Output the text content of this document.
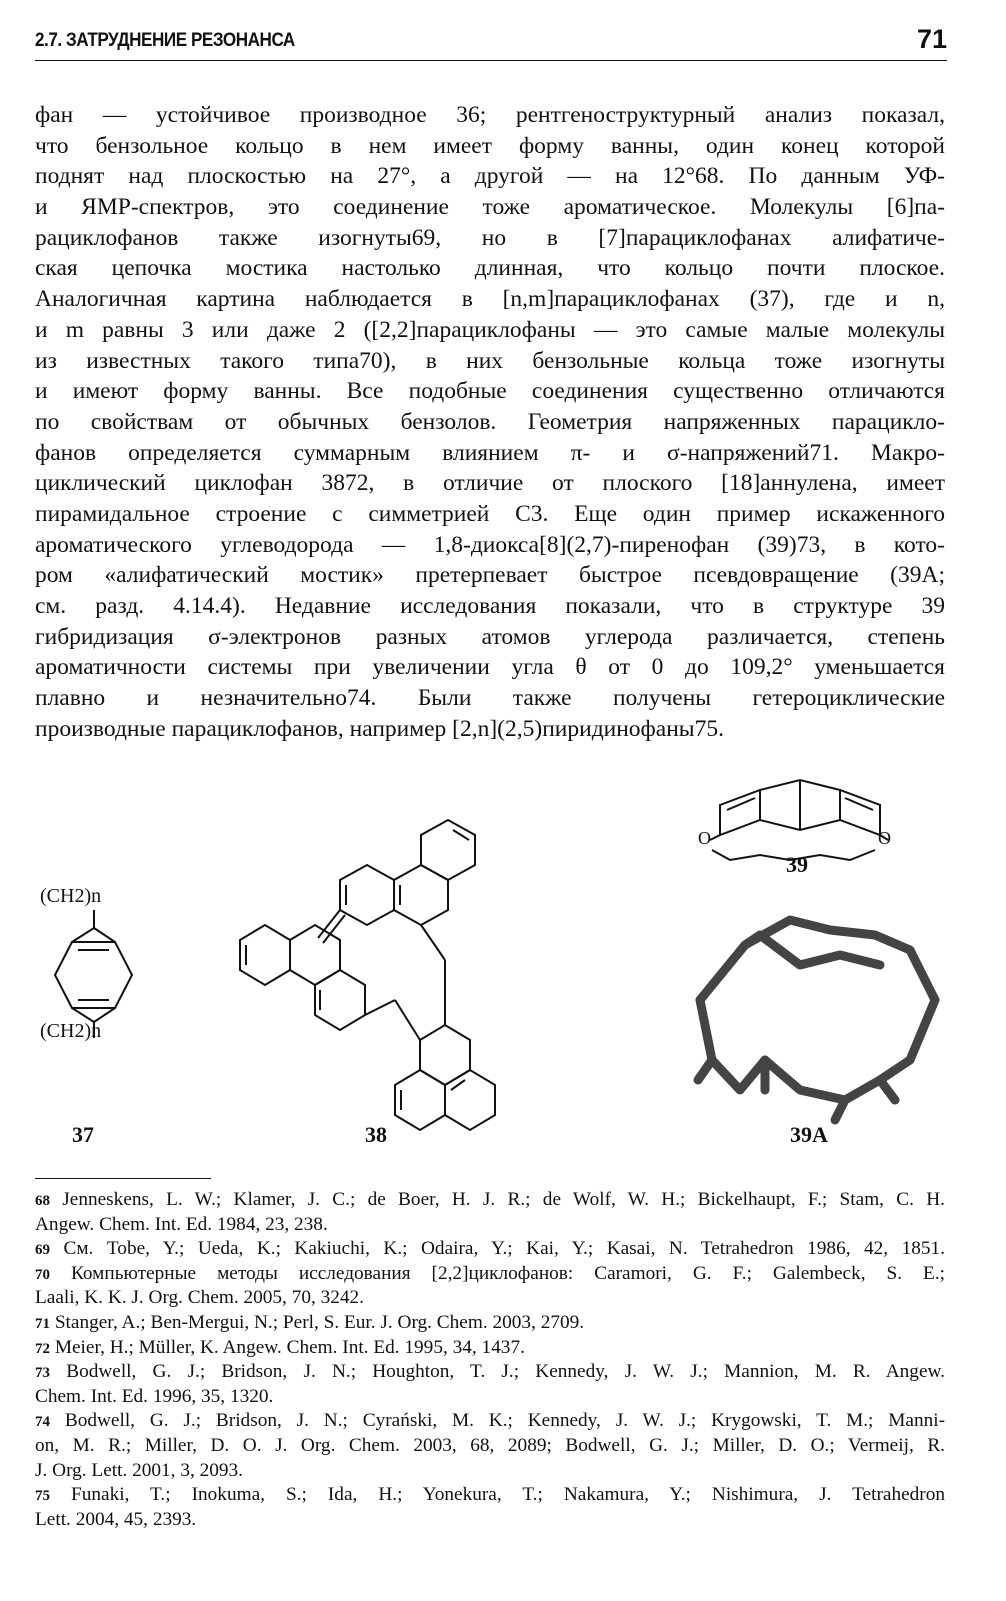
2.7. ЗАТРУДНЕНИЕ РЕЗОНАНСА	71
фан — устойчивое производное 36; рентгеноструктурный анализ показал,
что бензольное кольцо в нем имеет форму ванны, один конец которой
поднят над плоскостью на 27°, а другой — на 12°68. По данным УФ-
и ЯМР-спектров, это соединение тоже ароматическое. Молекулы [6]па-
рациклофанов также изогнуты69, но в [7]парациклофанах алифатиче-
ская цепочка мостика настолько длинная, что кольцо почти плоское.
Аналогичная картина наблюдается в [n,m]парациклофанах (37), где и n,
и m равны 3 или даже 2 ([2,2]парациклофаны — это самые малые молекулы
из известных такого типа70), в них бензольные кольца тоже изогнуты
и имеют форму ванны. Все подобные соединения существенно отличаются
по свойствам от обычных бензолов. Геометрия напряженных парациклo-
фанов определяется суммарным влиянием π- и σ-напряжений71. Макро-
циклический циклофан 3872, в отличие от плоского [18]аннулена, имеет
пирамидальное строение с симметрией C3. Еще один пример искаженного
ароматического углеводорода — 1,8-диокса[8](2,7)-пиренофан (39)73, в кото-
ром «алифатический мостик» претерпевает быстрое псевдовращение (39A;
см. разд. 4.14.4). Недавние исследования показали, что в структуре 39
гибридизация σ-электронов разных атомов углерода различается, степень
ароматичности системы при увеличении угла θ от 0 до 109,2° уменьшается
плавно и незначительно74. Были также получены гетероциклические
производные парациклофанов, например [2,n](2,5)пиридинофаны75.
37	38
39
39A
(CH2)n
(CH2)n
O	O
68 Jenneskens, L. W.; Klamer, J. C.; de Boer, H. J. R.; de Wolf, W. H.; Bickelhaupt, F.; Stam, C. H.
Angew. Chem. Int. Ed. 1984, 23, 238.
69 См. Tobe, Y.; Ueda, K.; Kakiuchi, K.; Odaira, Y.; Kai, Y.; Kasai, N. Tetrahedron 1986, 42, 1851.
70 Компьютерные методы исследования [2,2]циклофанов: Caramori, G. F.; Galembeck, S. E.;
Laali, K. K. J. Org. Chem. 2005, 70, 3242.
71 Stanger, A.; Ben-Mergui, N.; Perl, S. Eur. J. Org. Chem. 2003, 2709.
72 Meier, H.; Müller, K. Angew. Chem. Int. Ed. 1995, 34, 1437.
73 Bodwell, G. J.; Bridson, J. N.; Houghton, T. J.; Kennedy, J. W. J.; Mannion, M. R. Angew.
Chem. Int. Ed. 1996, 35, 1320.
74 Bodwell, G. J.; Bridson, J. N.; Cyrański, M. K.; Kennedy, J. W. J.; Krygowski, T. M.; Manni-
on, M. R.; Miller, D. O. J. Org. Chem. 2003, 68, 2089; Bodwell, G. J.; Miller, D. O.; Vermeij, R.
J. Org. Lett. 2001, 3, 2093.
75 Funaki, T.; Inokuma, S.; Ida, H.; Yonekura, T.; Nakamura, Y.; Nishimura, J. Tetrahedron
Lett. 2004, 45, 2393.
